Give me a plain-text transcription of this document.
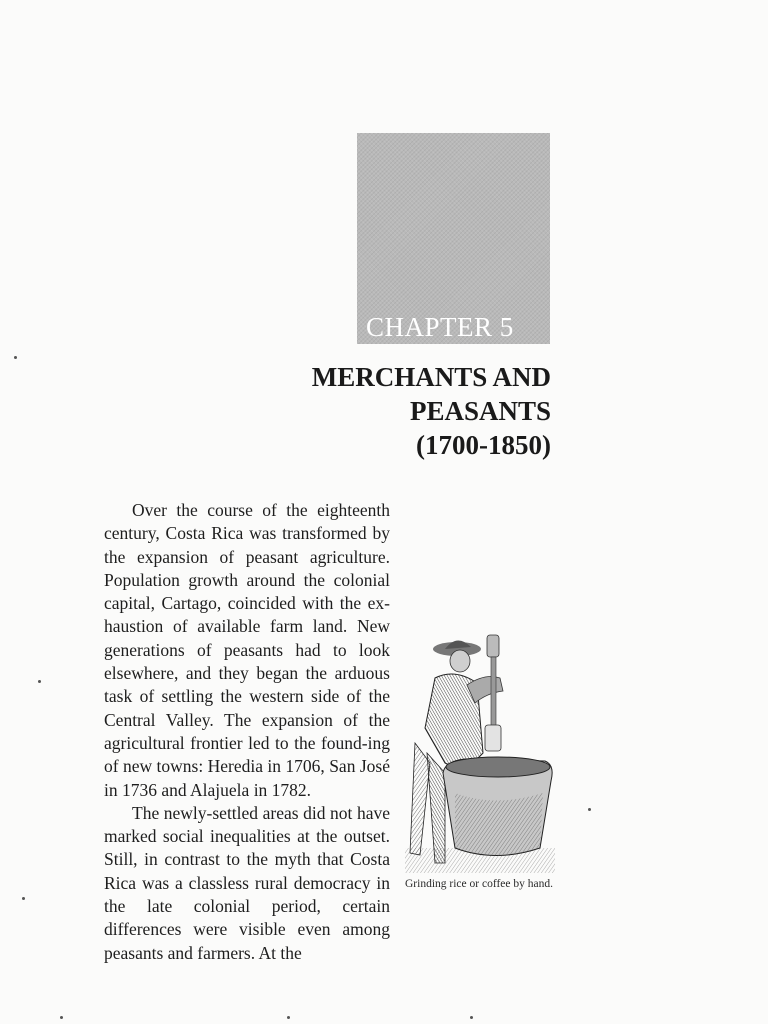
CHAPTER 5
MERCHANTS AND
PEASANTS
(1700-1850)

Over the course of the eighteenth century, Costa Rica was transformed by the expansion of peasant agriculture. Population growth around the colonial capital, Cartago, coincided with the ex-haustion of available farm land. New generations of peasants had to look elsewhere, and they began the arduous task of settling the western side of the Central Valley. The expansion of the agricultural frontier led to the found-ing of new towns: Heredia in 1706, San José in 1736 and Alajuela in 1782.

The newly-settled areas did not have marked social inequalities at the outset. Still, in contrast to the myth that Costa Rica was a classless rural democracy in the late colonial period, certain differences were visible even among peasants and farmers. At the

Grinding rice or coffee by hand.
